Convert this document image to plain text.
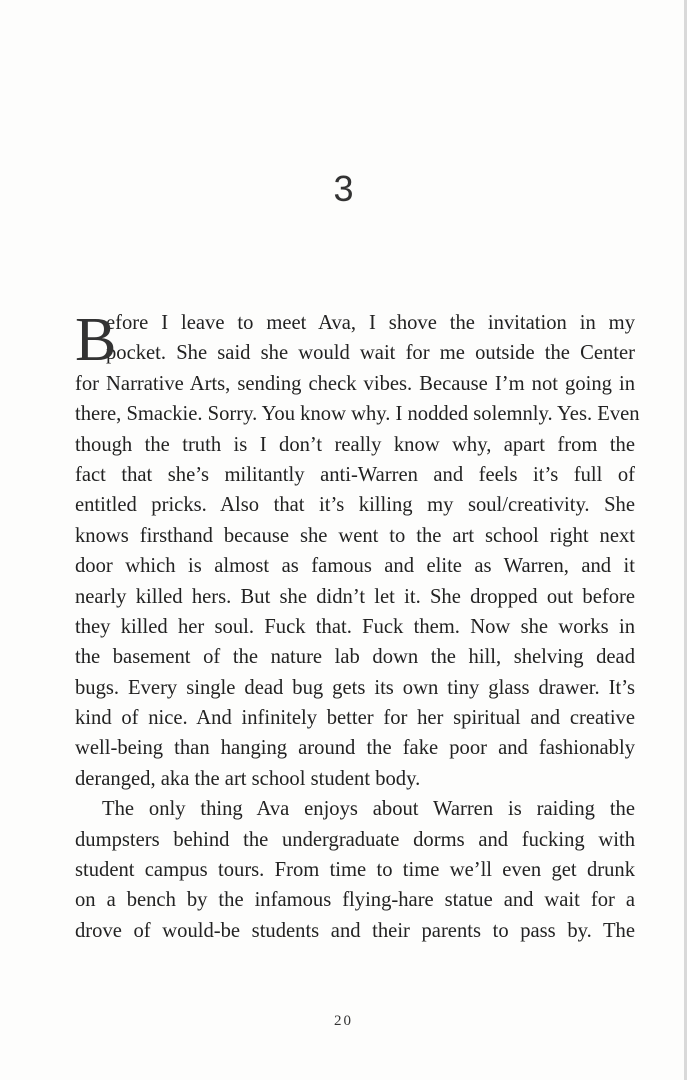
3
B
efore I leave to meet Ava, I shove the invitation in my
pocket. She said she would wait for me outside the Center
for Narrative Arts, sending check vibes. Because I’m not going in
there, Smackie. Sorry. You know why. I nodded solemnly. Yes. Even
though the truth is I don’t really know why, apart from the
fact that she’s militantly anti-Warren and feels it’s full of
entitled pricks. Also that it’s killing my soul/creativity. She
knows firsthand because she went to the art school right next
door which is almost as famous and elite as Warren, and it
nearly killed hers. But she didn’t let it. She dropped out before
they killed her soul. Fuck that. Fuck them. Now she works in
the basement of the nature lab down the hill, shelving dead
bugs. Every single dead bug gets its own tiny glass drawer. It’s
kind of nice. And infinitely better for her spiritual and creative
well-being than hanging around the fake poor and fashionably
deranged, aka the art school student body.
The only thing Ava enjoys about Warren is raiding the
dumpsters behind the undergraduate dorms and fucking with
student campus tours. From time to time we’ll even get drunk
on a bench by the infamous flying-hare statue and wait for a
drove of would-be students and their parents to pass by. The
20
